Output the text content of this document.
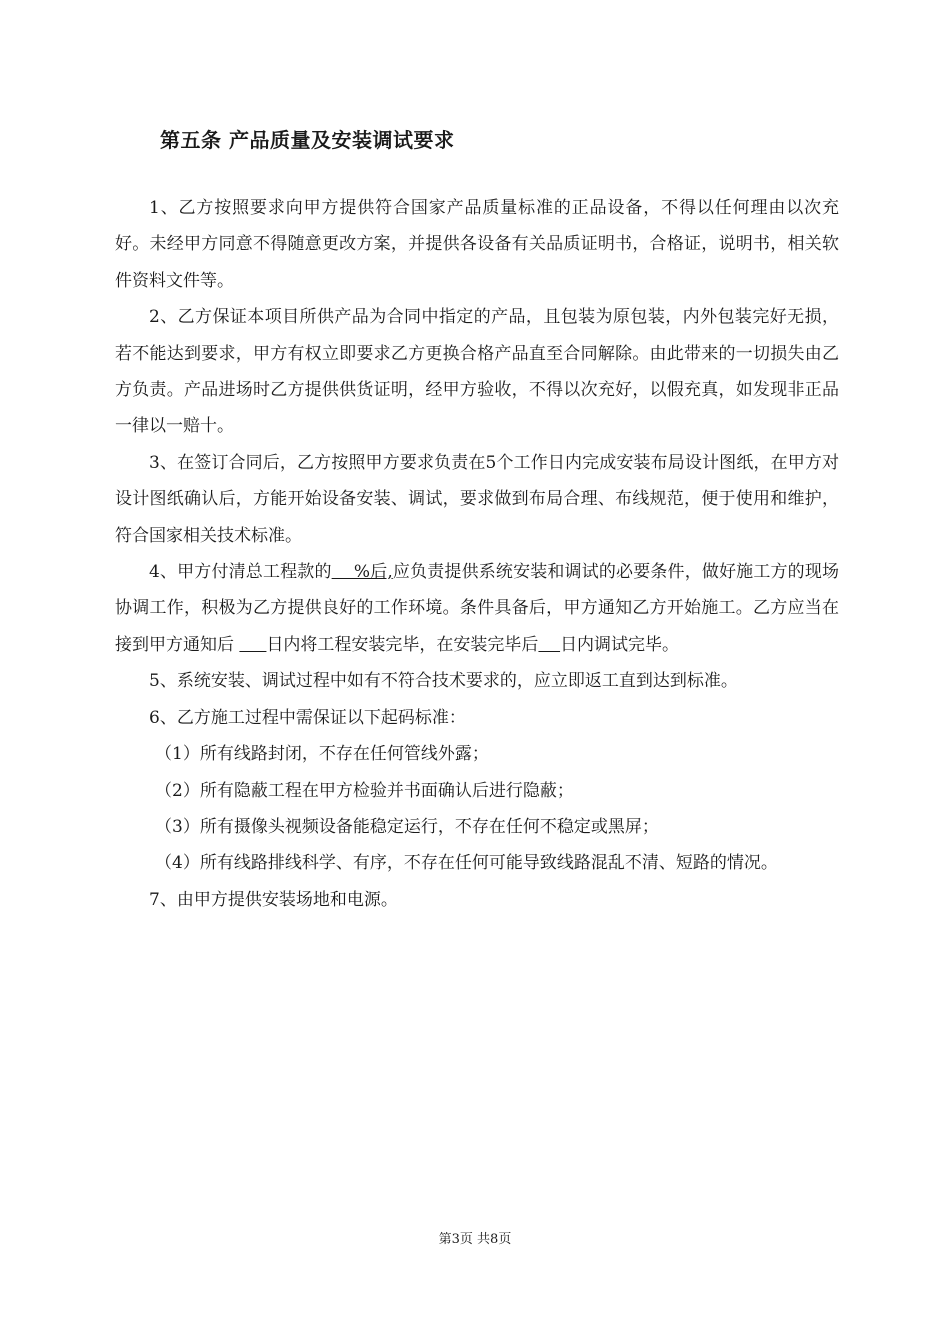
第五条 产品质量及安装调试要求

1、乙方按照要求向甲方提供符合国家产品质量标准的正品设备，不得以任何理由以次充好。未经甲方同意不得随意更改方案，并提供各设备有关品质证明书，合格证，说明书，相关软件资料文件等。

2、乙方保证本项目所供产品为合同中指定的产品，且包装为原包装，内外包装完好无损，若不能达到要求，甲方有权立即要求乙方更换合格产品直至合同解除。由此带来的一切损失由乙方负责。产品进场时乙方提供供货证明，经甲方验收，不得以次充好，以假充真，如发现非正品一律以一赔十。

3、在签订合同后，乙方按照甲方要求负责在5个工作日内完成安装布局设计图纸，在甲方对设计图纸确认后，方能开始设备安装、调试，要求做到布局合理、布线规范，便于使用和维护，符合国家相关技术标准。

4、甲方付清总工程款的    %后,应负责提供系统安装和调试的必要条件，做好施工方的现场协调工作，积极为乙方提供良好的工作环境。条件具备后，甲方通知乙方开始施工。乙方应当在接到甲方通知后      日内将工程安装完毕，在安装完毕后 日内调试完毕。

5、系统安装、调试过程中如有不符合技术要求的，应立即返工直到达到标准。

6、乙方施工过程中需保证以下起码标准：

（1）所有线路封闭，不存在任何管线外露；

（2）所有隐蔽工程在甲方检验并书面确认后进行隐蔽；

（3）所有摄像头视频设备能稳定运行，不存在任何不稳定或黑屏；

（4）所有线路排线科学、有序，不存在任何可能导致线路混乱不清、短路的情况。

7、由甲方提供安装场地和电源。

第3页 共8页
